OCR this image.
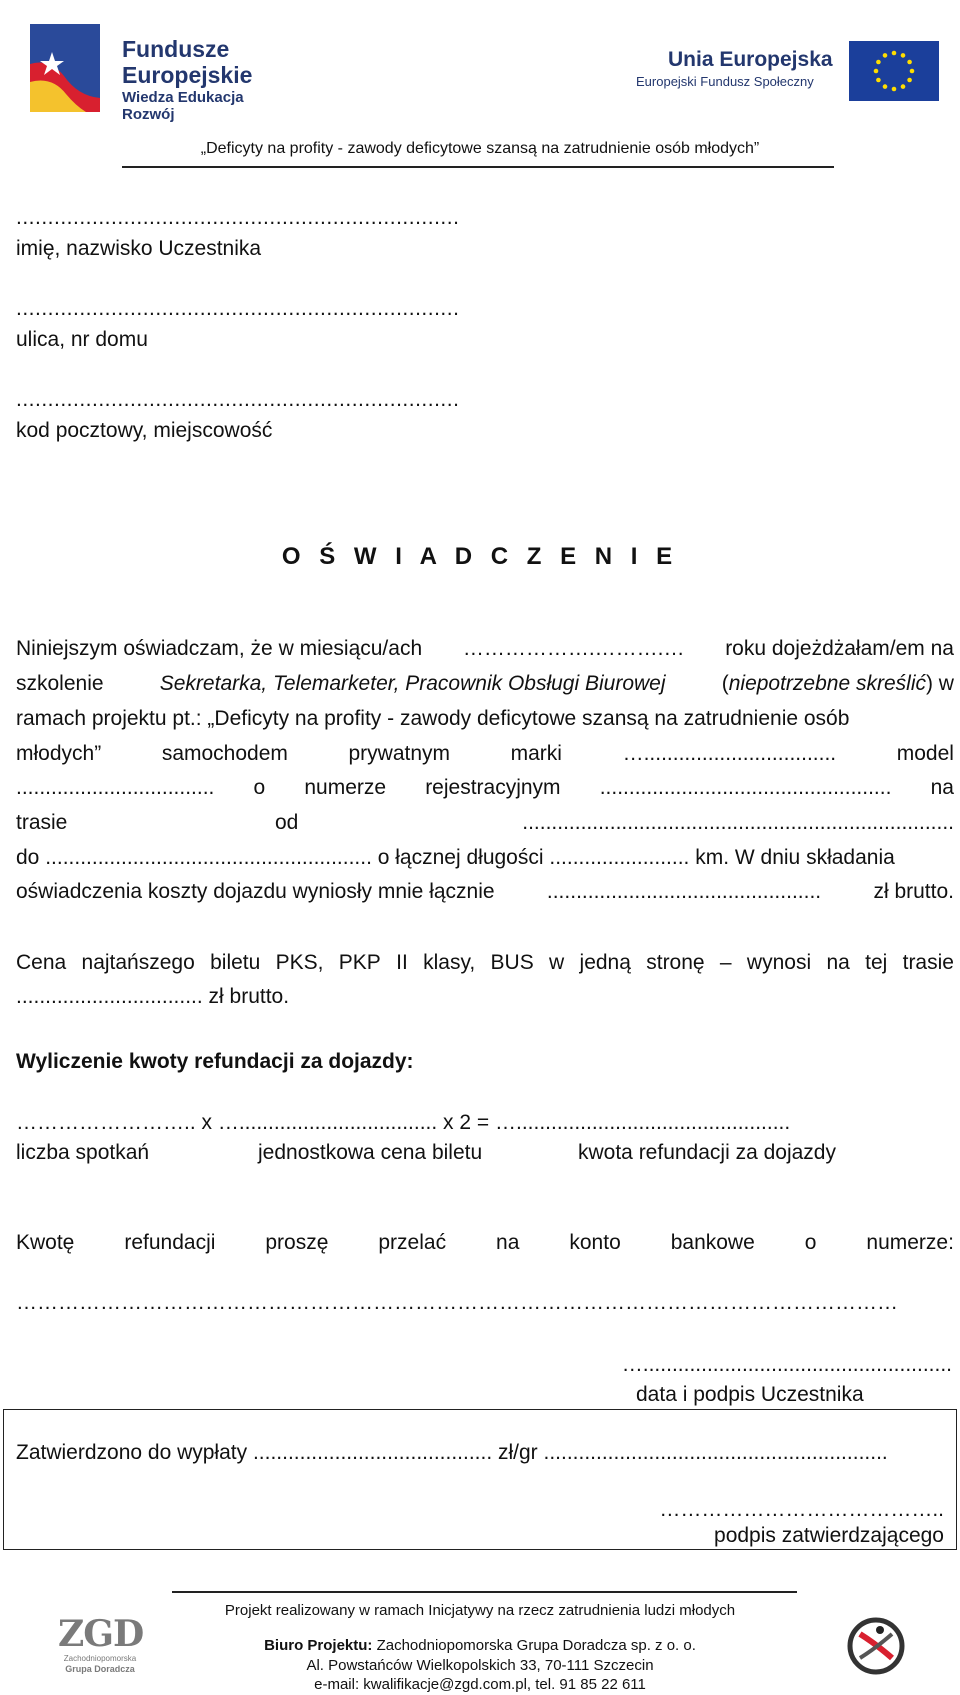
Fundusze
Europejskie
Wiedza Edukacja Rozwój
Unia Europejska
Europejski Fundusz Społeczny
„Deficyty na profity - zawody deficytowe szansą na zatrudnienie osób młodych”
......................................................................
imię, nazwisko Uczestnika
......................................................................
ulica, nr domu
......................................................................
kod pocztowy, miejscowość
O Ś W I A D C Z E N I E
Niniejszym oświadczam, że w miesiącu/ach ……………….……….… roku dojeżdżałam/em na
szkolenie	Sekretarka, Telemarketer, Pracownik Obsługi Biurowej	(niepotrzebne skreślić) w
ramach projektu pt.: „Deficyty na profity - zawody deficytowe szansą na zatrudnienie osób
młodych”	samochodem	prywatnym	marki	….................................	model
.................................. o numerze rejestracyjnym .................................................. na
trasie	od	..........................................................................
do ........................................................ o łącznej długości ........................ km. W dniu składania
oświadczenia koszty dojazdu wyniosły mnie łącznie ............................................... zł brutto.
Cena najtańszego biletu PKS, PKP II klasy, BUS w jedną stronę – wynosi na tej trasie
................................ zł brutto.
Wyliczenie kwoty refundacji za dojazdy:
…………………….. x ….................................. x 2 = …...............................................
liczba spotkań	jednostkowa cena biletu	kwota refundacji za dojazdy
Kwotę refundacji proszę przelać na konto bankowe o numerze:
………………………………………………………………………………………………………………
….....................................................
data i podpis Uczestnika
Zatwierdzono do wypłaty ......................................... zł/gr ...........................................................
…………………………………..
podpis zatwierdzającego
Projekt realizowany w ramach Inicjatywy na rzecz zatrudnienia ludzi młodych
Biuro Projektu: Zachodniopomorska Grupa Doradcza sp. z o. o.
Al. Powstańców Wielkopolskich 33, 70-111 Szczecin
e-mail: kwalifikacje@zgd.com.pl, tel. 91 85 22 611
ZGD
Zachodniopomorska
Grupa Doradcza
